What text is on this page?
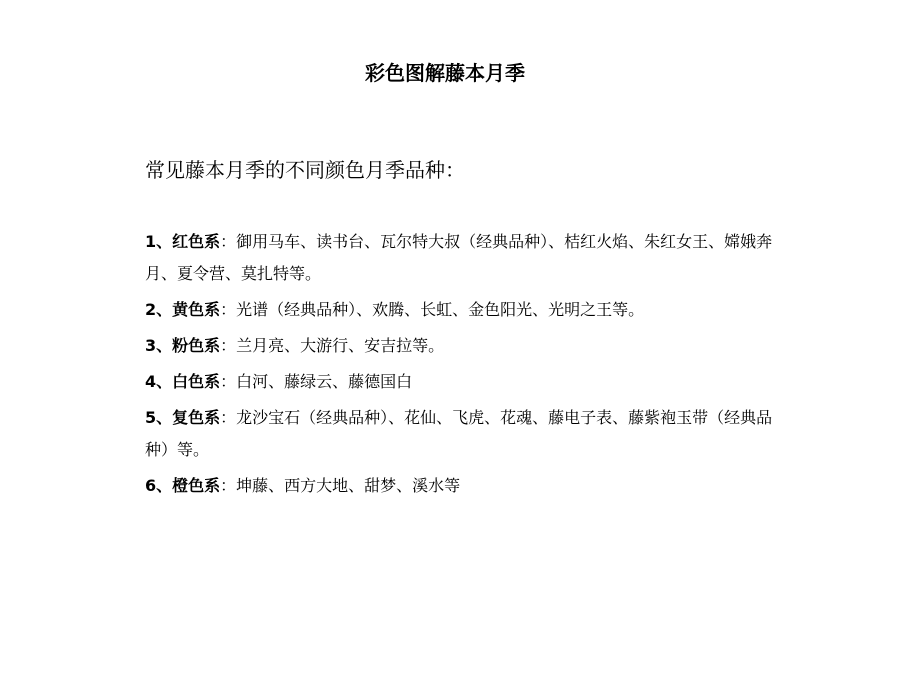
彩色图解藤本月季
常见藤本月季的不同颜色月季品种：
1、红色系：御用马车、读书台、瓦尔特大叔（经典品种）、桔红火焰、朱红女王、嫦娥奔月、夏令营、莫扎特等。
2、黄色系：光谱（经典品种）、欢腾、长虹、金色阳光、光明之王等。
3、粉色系：兰月亮、大游行、安吉拉等。
4、白色系：白河、藤绿云、藤德国白
5、复色系：龙沙宝石（经典品种）、花仙、飞虎、花魂、藤电子表、藤紫袍玉带（经典品种）等。
6、橙色系：坤藤、西方大地、甜梦、溪水等
